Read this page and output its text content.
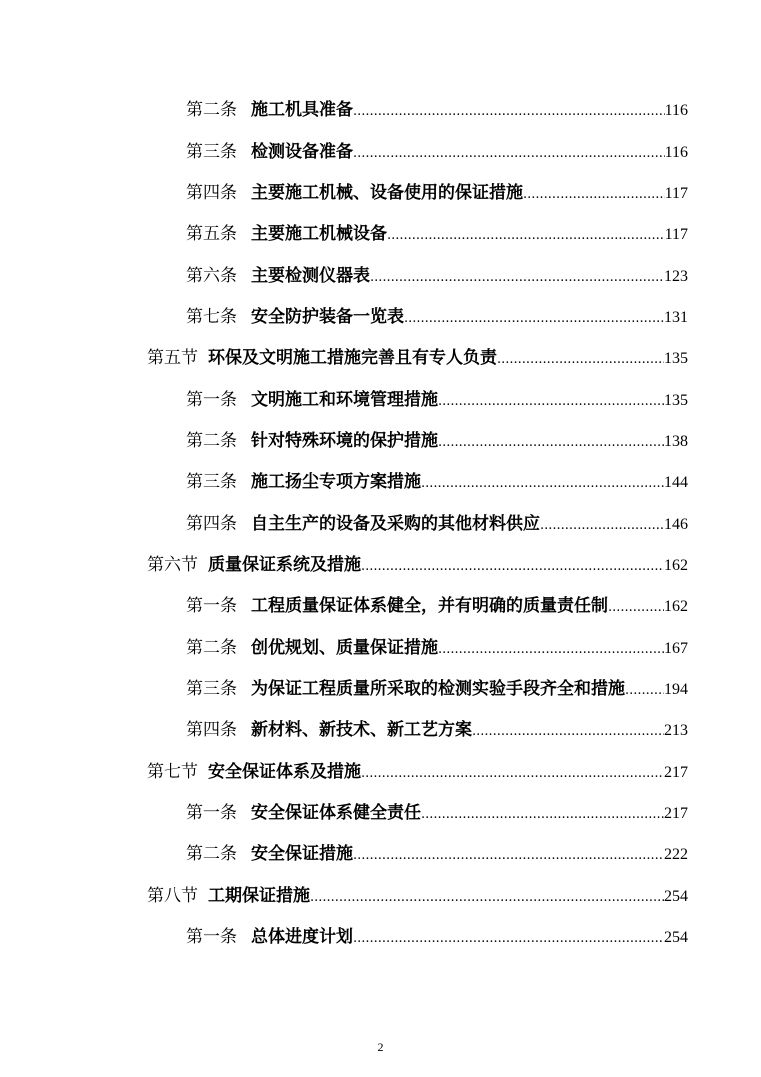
第二条 施工机具准备 .....	116
第三条 检测设备准备 .....	116
第四条 主要施工机械、设备使用的保证措施 .....	117
第五条 主要施工机械设备 .....	117
第六条 主要检测仪器表 .....	123
第七条 安全防护装备一览表 .....	131
第五节 环保及文明施工措施完善且有专人负责 .....	135
第一条 文明施工和环境管理措施 .....	135
第二条 针对特殊环境的保护措施 .....	138
第三条 施工扬尘专项方案措施 .....	144
第四条 自主生产的设备及采购的其他材料供应 .....	146
第六节 质量保证系统及措施 .....	162
第一条 工程质量保证体系健全，并有明确的质量责任制 .....	162
第二条 创优规划、质量保证措施 .....	167
第三条 为保证工程质量所采取的检测实验手段齐全和措施 ..... 194
第四条 新材料、新技术、新工艺方案 .....	213
第七节 安全保证体系及措施 .....	217
第一条 安全保证体系健全责任 .....	217
第二条 安全保证措施 .....	222
第八节 工期保证措施 .....	254
第一条 总体进度计划 .....	254
2
